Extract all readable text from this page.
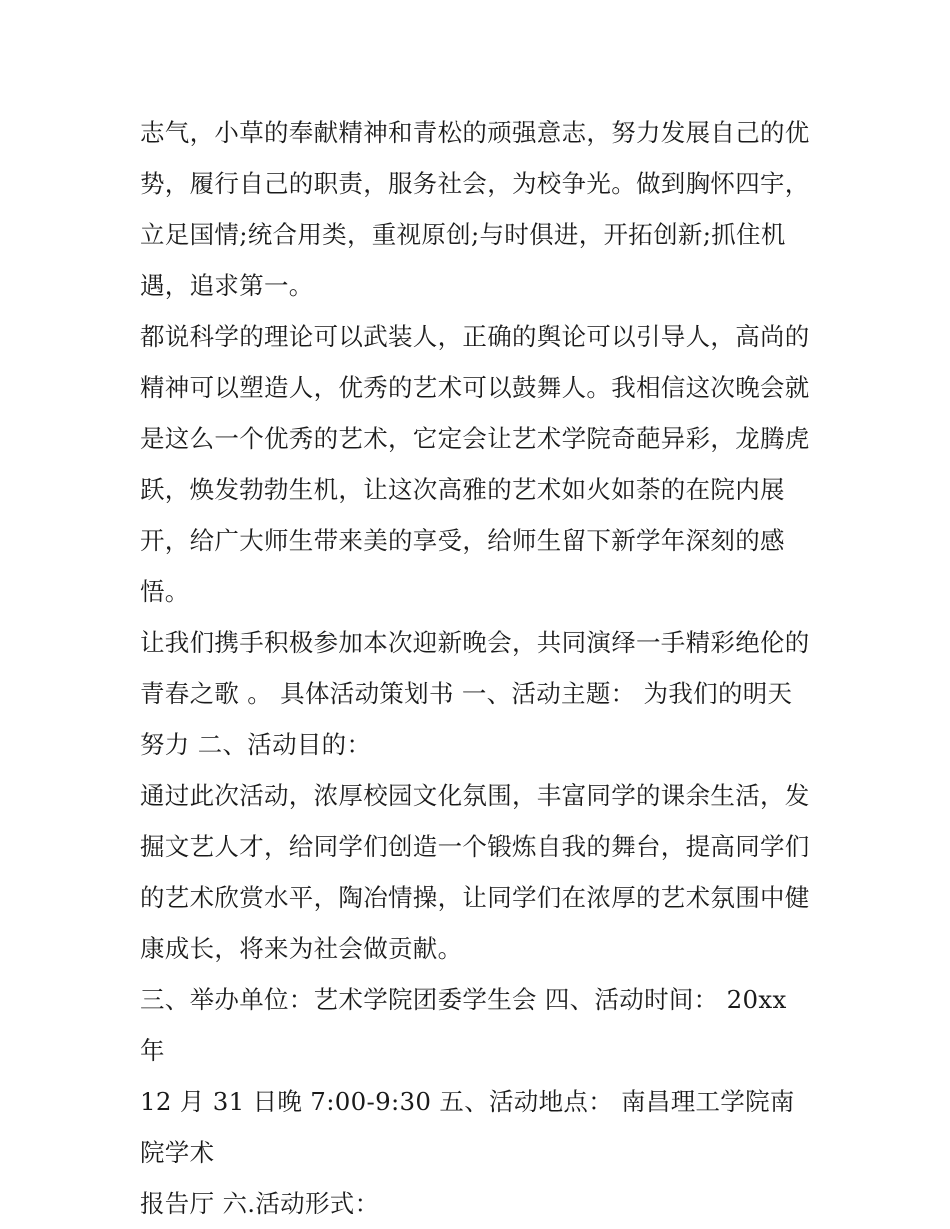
志气，小草的奉献精神和青松的顽强意志，努力发展自己的优
势，履行自己的职责，服务社会，为校争光。做到胸怀四宇，
立足国情;统合用类，重视原创;与时俱进，开拓创新;抓住机
遇，追求第一。

都说科学的理论可以武装人，正确的舆论可以引导人，高尚的
精神可以塑造人，优秀的艺术可以鼓舞人。我相信这次晚会就
是这么一个优秀的艺术，它定会让艺术学院奇葩异彩，龙腾虎
跃，焕发勃勃生机，让这次高雅的艺术如火如荼的在院内展
开，给广大师生带来美的享受，给师生留下新学年深刻的感
悟。

让我们携手积极参加本次迎新晚会，共同演绎一手精彩绝伦的
青春之歌 。 具体活动策划书 一、活动主题： 为我们的明天
努力 二、活动目的：

通过此次活动，浓厚校园文化氛围，丰富同学的课余生活，发
掘文艺人才，给同学们创造一个锻炼自我的舞台，提高同学们
的艺术欣赏水平，陶冶情操，让同学们在浓厚的艺术氛围中健
康成长，将来为社会做贡献。

三、举办单位：艺术学院团委学生会 四、活动时间： 20xx 年
12 月 31 日晚 7:00-9:30 五、活动地点： 南昌理工学院南院学术
报告厅 六.活动形式：
